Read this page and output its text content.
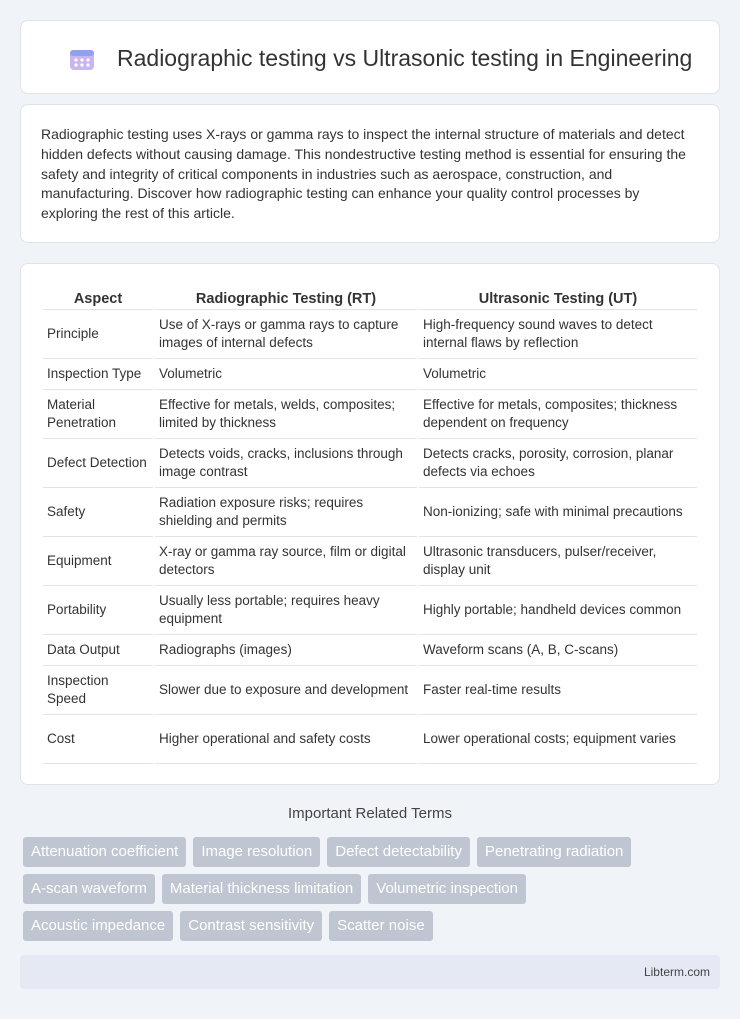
Radiographic testing vs Ultrasonic testing in Engineering

Radiographic testing uses X-rays or gamma rays to inspect the internal structure of materials and detect hidden defects without causing damage. This nondestructive testing method is essential for ensuring the safety and integrity of critical components in industries such as aerospace, construction, and manufacturing. Discover how radiographic testing can enhance your quality control processes by exploring the rest of this article.

Aspect	Radiographic Testing (RT)	Ultrasonic Testing (UT)
Principle	Use of X-rays or gamma rays to capture images of internal defects	High-frequency sound waves to detect internal flaws by reflection
Inspection Type	Volumetric	Volumetric
Material Penetration	Effective for metals, welds, composites; limited by thickness	Effective for metals, composites; thickness dependent on frequency
Defect Detection	Detects voids, cracks, inclusions through image contrast	Detects cracks, porosity, corrosion, planar defects via echoes
Safety	Radiation exposure risks; requires shielding and permits	Non-ionizing; safe with minimal precautions
Equipment	X-ray or gamma ray source, film or digital detectors	Ultrasonic transducers, pulser/receiver, display unit
Portability	Usually less portable; requires heavy equipment	Highly portable; handheld devices common
Data Output	Radiographs (images)	Waveform scans (A, B, C-scans)
Inspection Speed	Slower due to exposure and development	Faster real-time results
Cost	Higher operational and safety costs	Lower operational costs; equipment varies
Important Related Terms
Attenuation coefficient	Image resolution	Defect detectability	Penetrating radiation
A-scan waveform	Material thickness limitation	Volumetric inspection
Acoustic impedance	Contrast sensitivity	Scatter noise
Libterm.com
